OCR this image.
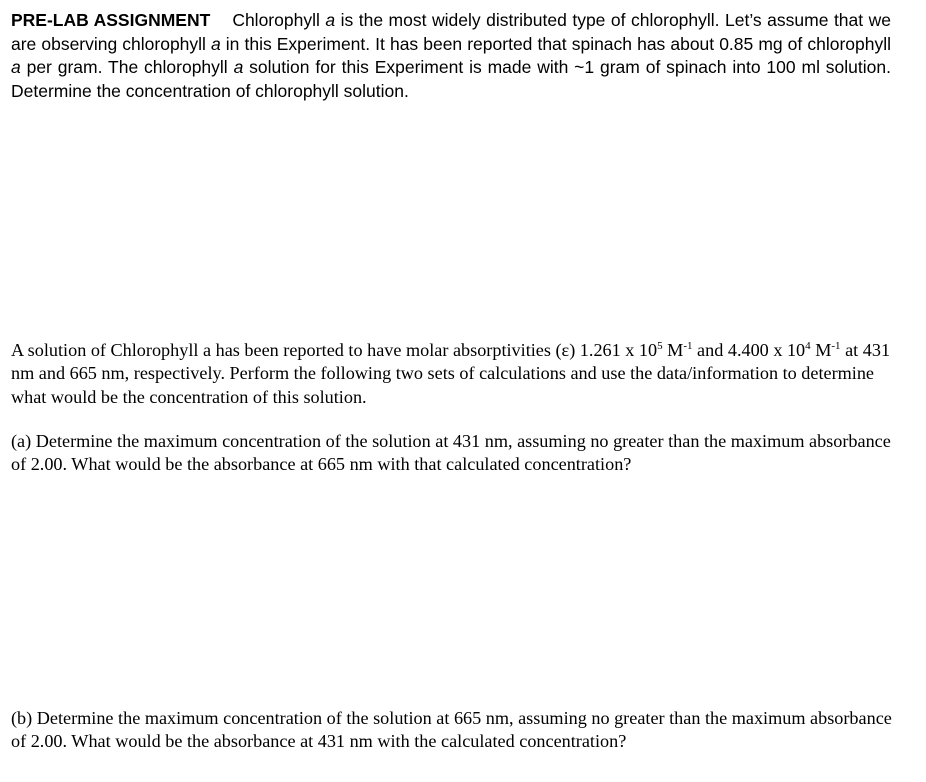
PRE-LAB ASSIGNMENT Chlorophyll a is the most widely distributed type of chlorophyll. Let’s assume that we are observing chlorophyll a in this Experiment. It has been reported that spinach has about 0.85 mg of chlorophyll a per gram. The chlorophyll a solution for this Experiment is made with ~1 gram of spinach into 100 ml solution. Determine the concentration of chlorophyll solution.

A solution of Chlorophyll a has been reported to have molar absorptivities (ε) 1.261 x $10^5$ $M^{-1}$ and 4.400 x $10^4$ $M^{-1}$ at 431 nm and 665 nm, respectively. Perform the following two sets of calculations and use the data/information to determine what would be the concentration of this solution.

(a) Determine the maximum concentration of the solution at 431 nm, assuming no greater than the maximum absorbance of 2.00. What would be the absorbance at 665 nm with that calculated concentration?

(b) Determine the maximum concentration of the solution at 665 nm, assuming no greater than the maximum absorbance of 2.00. What would be the absorbance at 431 nm with the calculated concentration?
